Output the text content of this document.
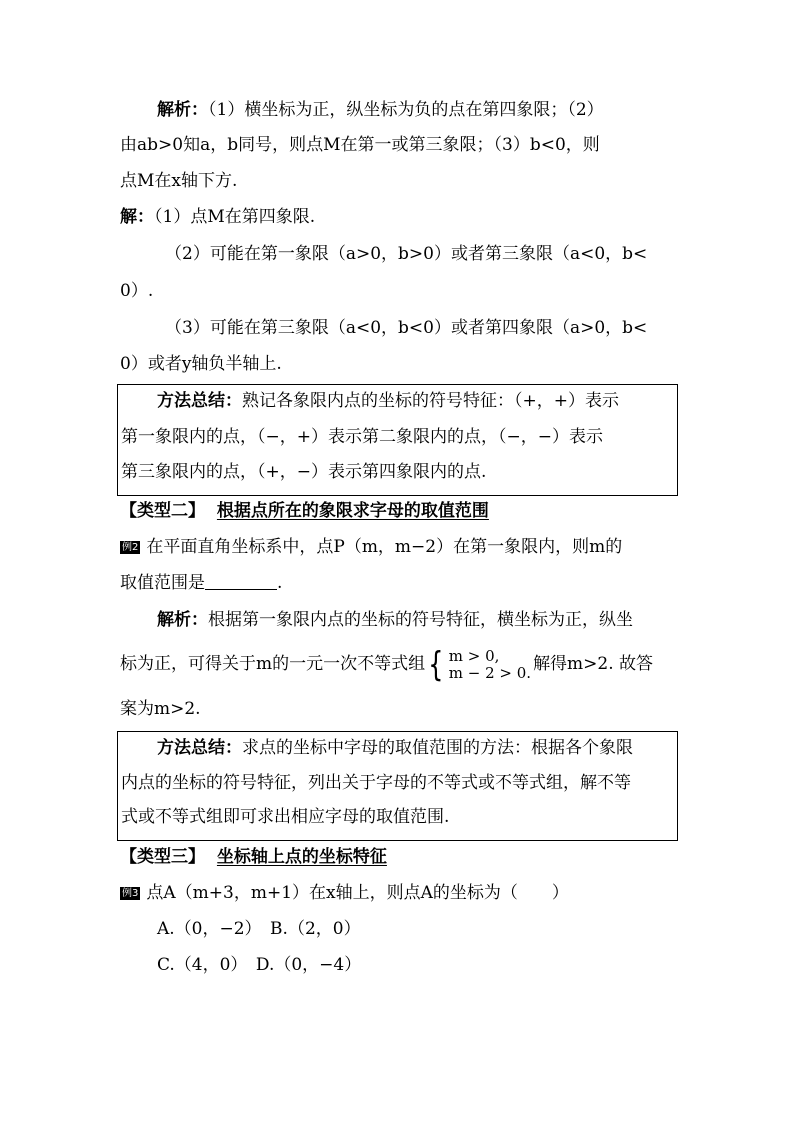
解析：（1）横坐标为正，纵坐标为负的点在第四象限；（2）
由ab>0知a，b同号，则点M在第一或第三象限；（3）b<0，则
点M在x轴下方.
解：（1）点M在第四象限.
（2）可能在第一象限（a>0，b>0）或者第三象限（a<0，b<
0）.
（3）可能在第三象限（a<0，b<0）或者第四象限（a>0，b<
0）或者y轴负半轴上.
方法总结：熟记各象限内点的坐标的符号特征：（+，+）表示
第一象限内的点，（−，+）表示第二象限内的点，（−，−）表示
第三象限内的点，（+，−）表示第四象限内的点.
【类型二】 根据点所在的象限求字母的取值范围
例2 在平面直角坐标系中，点P（m，m−2）在第一象限内，则m的
取值范围是	.
解析：根据第一象限内点的坐标的符号特征，横坐标为正，纵坐
标为正，可得关于m的一元一次不等式组{ m > 0,
m − 2 > 0. 解得m>2. 故答
案为m>2.
方法总结：求点的坐标中字母的取值范围的方法：根据各个象限
内点的坐标的符号特征，列出关于字母的不等式或不等式组，解不等
式或不等式组即可求出相应字母的取值范围.
【类型三】 坐标轴上点的坐标特征
例3 点A（m+3，m+1）在x轴上，则点A的坐标为（　　）
A.（0，−2）　B.（2，0）
C.（4，0）　D.（0，−4）
